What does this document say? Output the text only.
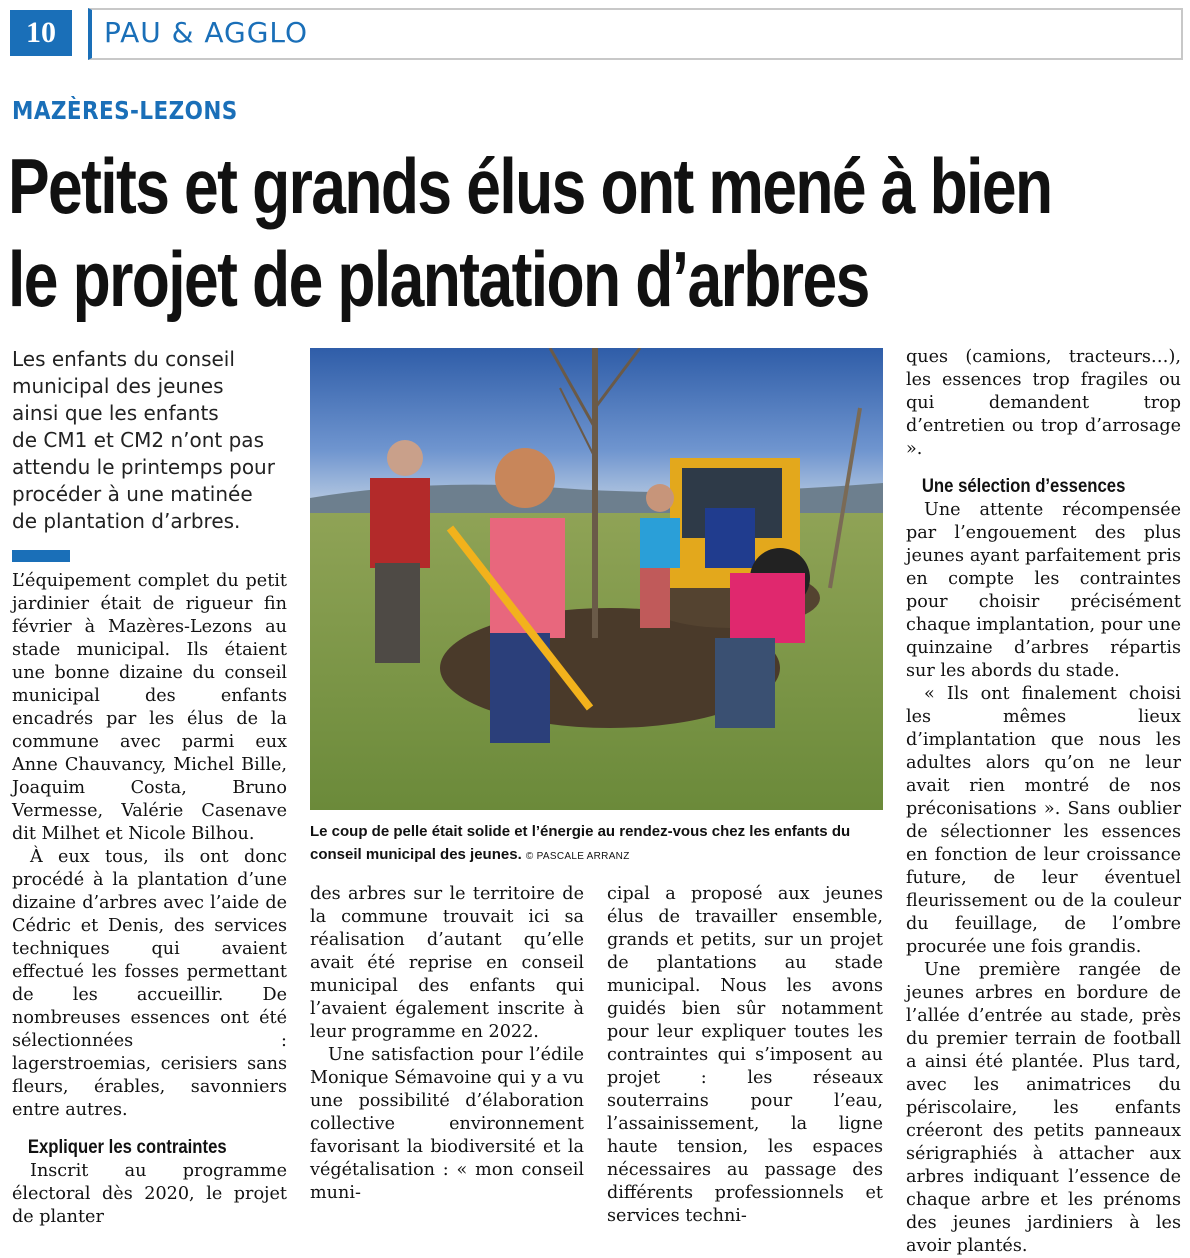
10	PAU & AGGLO
MAZÈRES-LEZONS
Petits et grands élus ont mené à bien
le projet de plantation d’arbres
Les enfants du conseil
municipal des jeunes
ainsi que les enfants
de CM1 et CM2 n’ont pas
attendu le printemps pour
procéder à une matinée
de plantation d’arbres.

L’équipement complet du petit jardinier était de rigueur fin février à Mazères-Lezons au stade municipal. Ils étaient une bonne dizaine du conseil municipal des enfants encadrés par les élus de la commune avec parmi eux Anne Chauvancy, Michel Bille, Joaquim Costa, Bruno Vermesse, Valérie Casenave dit Milhet et Nicole Bilhou.

À eux tous, ils ont donc procédé à la plantation d’une dizaine d’arbres avec l’aide de Cédric et Denis, des services techniques qui avaient effectué les fosses permettant de les accueillir. De nombreuses essences ont été sélectionnées : lagerstroemias, cerisiers sans fleurs, érables, savonniers entre autres.

Expliquer les contraintes

Inscrit au programme électoral dès 2020, le projet de planter

Le coup de pelle était solide et l’énergie au rendez-vous chez les enfants du conseil municipal des jeunes. © PASCALE ARRANZ

des arbres sur le territoire de la commune trouvait ici sa réalisation d’autant qu’elle avait été reprise en conseil municipal des enfants qui l’avaient également inscrite à leur programme en 2022.

Une satisfaction pour l’édile Monique Sémavoine qui y a vu une possibilité d’élaboration collective environnement favorisant la biodiversité et la végétalisation : « mon conseil muni-

cipal a proposé aux jeunes élus de travailler ensemble, grands et petits, sur un projet de plantations au stade municipal. Nous les avons guidés bien sûr notamment pour leur expliquer toutes les contraintes qui s’imposent au projet : les réseaux souterrains pour l’eau, l’assainissement, la ligne haute tension, les espaces nécessaires au passage des différents professionnels et services techni-

ques (camions, tracteurs…), les essences trop fragiles ou qui demandent trop d’entretien ou trop d’arrosage ».

Une sélection d’essences

Une attente récompensée par l’engouement des plus jeunes ayant parfaitement pris en compte les contraintes pour choisir précisément chaque implantation, pour une quinzaine d’arbres répartis sur les abords du stade.

« Ils ont finalement choisi les mêmes lieux d’implantation que nous les adultes alors qu’on ne leur avait rien montré de nos préconisations ». Sans oublier de sélectionner les essences en fonction de leur croissance future, de leur éventuel fleurissement ou de la couleur du feuillage, de l’ombre procurée une fois grandis.

Une première rangée de jeunes arbres en bordure de l’allée d’entrée au stade, près du premier terrain de football a ainsi été plantée. Plus tard, avec les animatrices du périscolaire, les enfants créeront des petits panneaux sérigraphiés à attacher aux arbres indiquant l’essence de chaque arbre et les prénoms des jeunes jardiniers à les avoir plantés.
